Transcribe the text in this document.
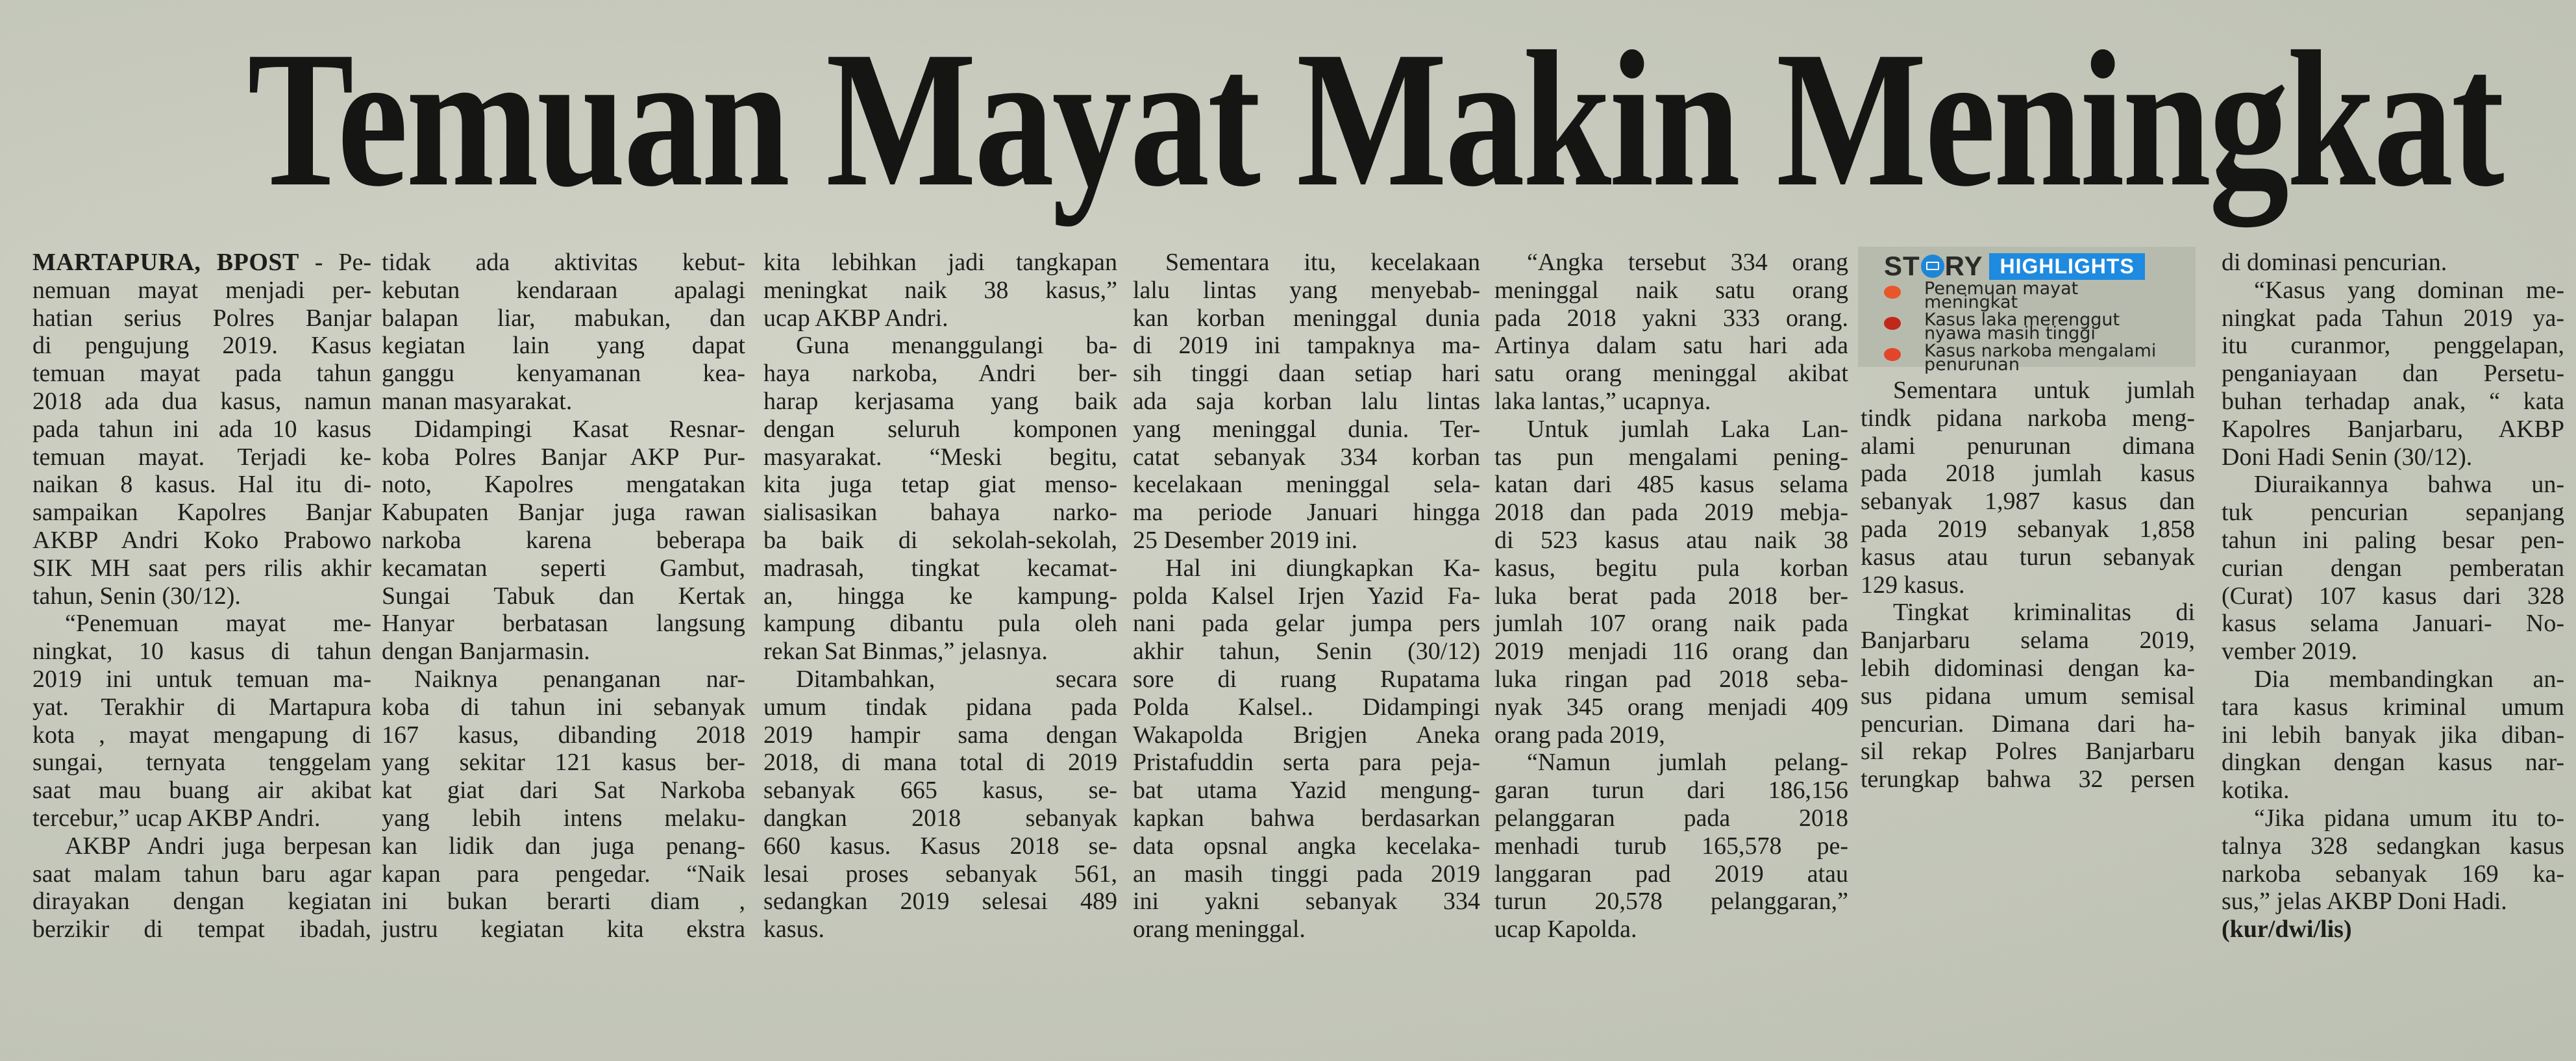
Temuan Mayat Makin Meningkat
ST RY HIGHLIGHTS
Penemuan mayat meningkat
Kasus laka merenggut nyawa masih tinggi
Kasus narkoba mengalami penurunan
MARTAPURA, BPOST - Pe-
nemuan mayat menjadi per-
hatian serius Polres Banjar
di pengujung 2019. Kasus
temuan mayat pada tahun
2018 ada dua kasus, namun
pada tahun ini ada 10 kasus
temuan mayat. Terjadi ke-
naikan 8 kasus. Hal itu di-
sampaikan Kapolres Banjar
AKBP Andri Koko Prabowo
SIK MH saat pers rilis akhir
tahun, Senin (30/12).
“Penemuan mayat me-
ningkat, 10 kasus di tahun
2019 ini untuk temuan ma-
yat. Terakhir di Martapura
kota , mayat mengapung di
sungai, ternyata tenggelam
saat mau buang air akibat
tercebur,” ucap AKBP Andri.
AKBP Andri juga berpesan
saat malam tahun baru agar
dirayakan dengan kegiatan
berzikir di tempat ibadah,
tidak ada aktivitas kebut-
kebutan kendaraan apalagi
balapan liar, mabukan, dan
kegiatan lain yang dapat
ganggu kenyamanan kea-
manan masyarakat.
Didampingi Kasat Resnar-
koba Polres Banjar AKP Pur-
noto, Kapolres mengatakan
Kabupaten Banjar juga rawan
narkoba karena beberapa
kecamatan seperti Gambut,
Sungai Tabuk dan Kertak
Hanyar berbatasan langsung
dengan Banjarmasin.
Naiknya penanganan nar-
koba di tahun ini sebanyak
167 kasus, dibanding 2018
yang sekitar 121 kasus ber-
kat giat dari Sat Narkoba
yang lebih intens melaku-
kan lidik dan juga penang-
kapan para pengedar. “Naik
ini bukan berarti diam ,
justru kegiatan kita ekstra
kita lebihkan jadi tangkapan
meningkat naik 38 kasus,”
ucap AKBP Andri.
Guna menanggulangi ba-
haya narkoba, Andri ber-
harap kerjasama yang baik
dengan seluruh komponen
masyarakat. “Meski begitu,
kita juga tetap giat menso-
sialisasikan bahaya narko-
ba baik di sekolah-sekolah,
madrasah, tingkat kecamat-
an, hingga ke kampung-
kampung dibantu pula oleh
rekan Sat Binmas,” jelasnya.
Ditambahkan, secara
umum tindak pidana pada
2019 hampir sama dengan
2018, di mana total di 2019
sebanyak 665 kasus, se-
dangkan 2018 sebanyak
660 kasus. Kasus 2018 se-
lesai proses sebanyak 561,
sedangkan 2019 selesai 489
kasus.
Sementara itu, kecelakaan
lalu lintas yang menyebab-
kan korban meninggal dunia
di 2019 ini tampaknya ma-
sih tinggi daan setiap hari
ada saja korban lalu lintas
yang meninggal dunia. Ter-
catat sebanyak 334 korban
kecelakaan meninggal sela-
ma periode Januari hingga
25 Desember 2019 ini.
Hal ini diungkapkan Ka-
polda Kalsel Irjen Yazid Fa-
nani pada gelar jumpa pers
akhir tahun, Senin (30/12)
sore di ruang Rupatama
Polda Kalsel.. Didampingi
Wakapolda Brigjen Aneka
Pristafuddin serta para peja-
bat utama Yazid mengung-
kapkan bahwa berdasarkan
data opsnal angka kecelaka-
an masih tinggi pada 2019
ini yakni sebanyak 334
orang meninggal.
“Angka tersebut 334 orang
meninggal naik satu orang
pada 2018 yakni 333 orang.
Artinya dalam satu hari ada
satu orang meninggal akibat
laka lantas,” ucapnya.
Untuk jumlah Laka Lan-
tas pun mengalami pening-
katan dari 485 kasus selama
2018 dan pada 2019 mebja-
di 523 kasus atau naik 38
kasus, begitu pula korban
luka berat pada 2018 ber-
jumlah 107 orang naik pada
2019 menjadi 116 orang dan
luka ringan pad 2018 seba-
nyak 345 orang menjadi 409
orang pada 2019,
“Namun jumlah pelang-
garan turun dari 186,156
pelanggaran pada 2018
menhadi turub 165,578 pe-
langgaran pad 2019 atau
turun 20,578 pelanggaran,”
ucap Kapolda.
Sementara untuk jumlah
tindk pidana narkoba meng-
alami penurunan dimana
pada 2018 jumlah kasus
sebanyak 1,987 kasus dan
pada 2019 sebanyak 1,858
kasus atau turun sebanyak
129 kasus.
Tingkat kriminalitas di
Banjarbaru selama 2019,
lebih didominasi dengan ka-
sus pidana umum semisal
pencurian. Dimana dari ha-
sil rekap Polres Banjarbaru
terungkap bahwa 32 persen
di dominasi pencurian.
“Kasus yang dominan me-
ningkat pada Tahun 2019 ya-
itu curanmor, penggelapan,
penganiayaan dan Persetu-
buhan terhadap anak, “ kata
Kapolres Banjarbaru, AKBP
Doni Hadi Senin (30/12).
Diuraikannya bahwa un-
tuk pencurian sepanjang
tahun ini paling besar pen-
curian dengan pemberatan
(Curat) 107 kasus dari 328
kasus selama Januari- No-
vember 2019.
Dia membandingkan an-
tara kasus kriminal umum
ini lebih banyak jika diban-
dingkan dengan kasus nar-
kotika.
“Jika pidana umum itu to-
talnya 328 sedangkan kasus
narkoba sebanyak 169 ka-
sus,” jelas AKBP Doni Hadi.
(kur/dwi/lis)
